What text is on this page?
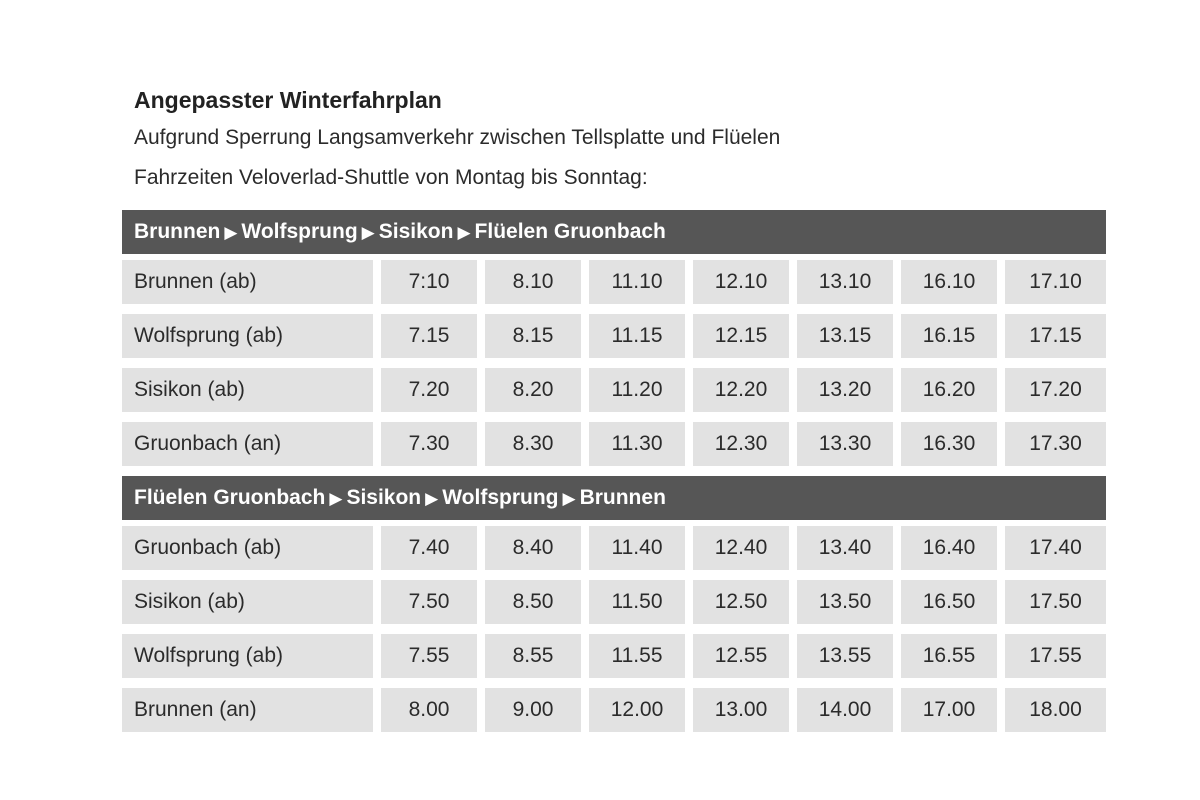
Angepasster Winterfahrplan
Aufgrund Sperrung Langsamverkehr zwischen Tellsplatte und Flüelen
Fahrzeiten Veloverlad-Shuttle von Montag bis Sonntag:
Brunnen ▶ Wolfsprung ▶ Sisikon ▶ Flüelen Gruonbach
Brunnen (ab)	7:10	8.10	11.10	12.10	13.10	16.10	17.10
Wolfsprung (ab)	7.15	8.15	11.15	12.15	13.15	16.15	17.15
Sisikon (ab)	7.20	8.20	11.20	12.20	13.20	16.20	17.20
Gruonbach (an)	7.30	8.30	11.30	12.30	13.30	16.30	17.30
Flüelen Gruonbach ▶ Sisikon ▶ Wolfsprung ▶ Brunnen
Gruonbach (ab)	7.40	8.40	11.40	12.40	13.40	16.40	17.40
Sisikon (ab)	7.50	8.50	11.50	12.50	13.50	16.50	17.50
Wolfsprung (ab)	7.55	8.55	11.55	12.55	13.55	16.55	17.55
Brunnen (an)	8.00	9.00	12.00	13.00	14.00	17.00	18.00
